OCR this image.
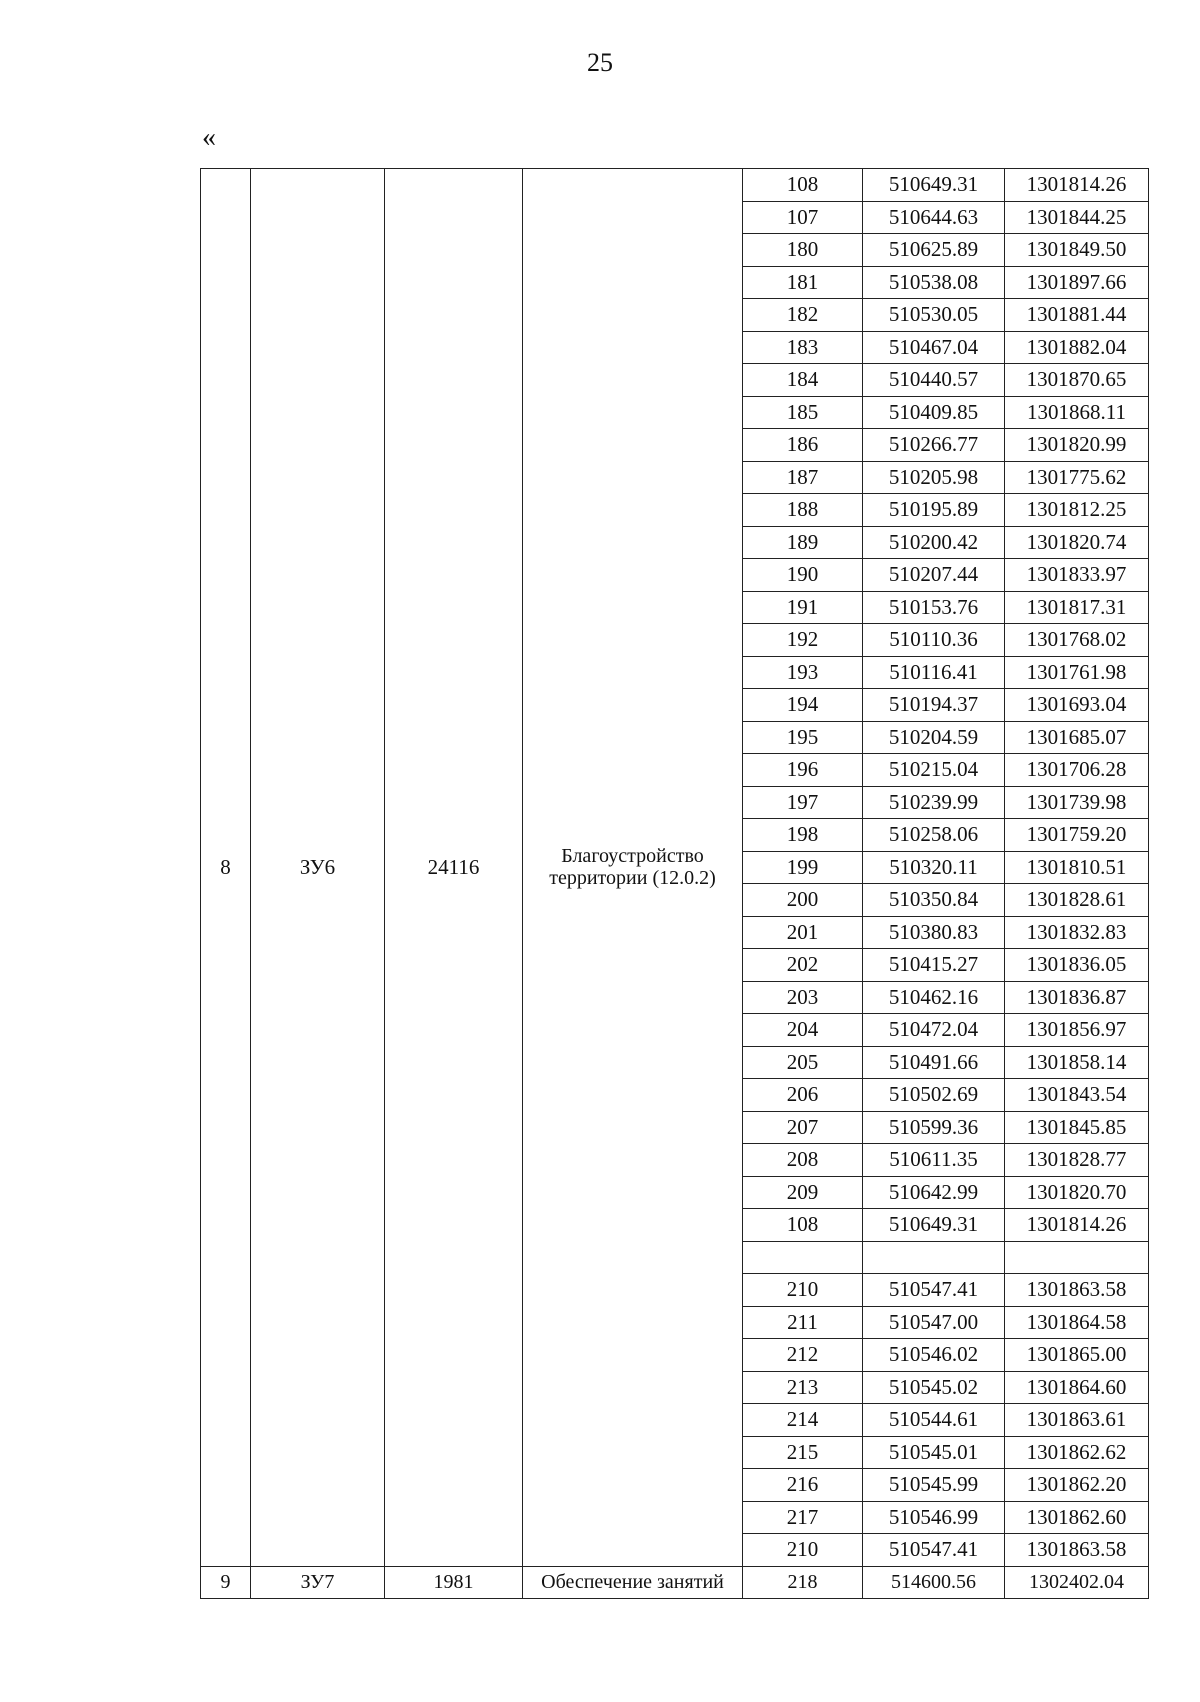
25
«
8	ЗУ6	24116	Благоустройство территории (12.0.2)	108	510649.31	1301814.26
				107	510644.63	1301844.25
				180	510625.89	1301849.50
				181	510538.08	1301897.66
				182	510530.05	1301881.44
				183	510467.04	1301882.04
				184	510440.57	1301870.65
				185	510409.85	1301868.11
				186	510266.77	1301820.99
				187	510205.98	1301775.62
				188	510195.89	1301812.25
				189	510200.42	1301820.74
				190	510207.44	1301833.97
				191	510153.76	1301817.31
				192	510110.36	1301768.02
				193	510116.41	1301761.98
				194	510194.37	1301693.04
				195	510204.59	1301685.07
				196	510215.04	1301706.28
				197	510239.99	1301739.98
				198	510258.06	1301759.20
				199	510320.11	1301810.51
				200	510350.84	1301828.61
				201	510380.83	1301832.83
				202	510415.27	1301836.05
				203	510462.16	1301836.87
				204	510472.04	1301856.97
				205	510491.66	1301858.14
				206	510502.69	1301843.54
				207	510599.36	1301845.85
				208	510611.35	1301828.77
				209	510642.99	1301820.70
				108	510649.31	1301814.26

				210	510547.41	1301863.58
				211	510547.00	1301864.58
				212	510546.02	1301865.00
				213	510545.02	1301864.60
				214	510544.61	1301863.61
				215	510545.01	1301862.62
				216	510545.99	1301862.20
				217	510546.99	1301862.60
				210	510547.41	1301863.58
9	ЗУ7	1981	Обеспечение занятий	218	514600.56	1302402.04
